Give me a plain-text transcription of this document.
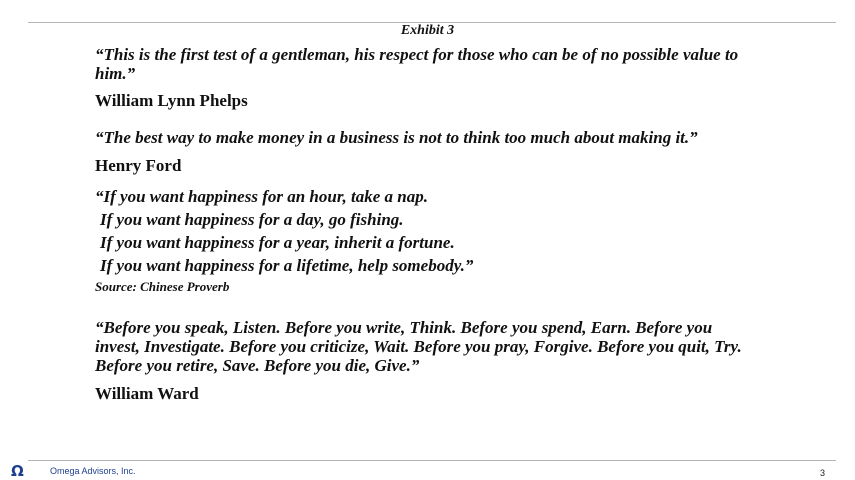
Exhibit 3

“This is the first test of a gentleman, his respect for those who can be of no possible value to him.”

William Lynn Phelps

“The best way to make money in a business is not to think too much about making it.”

Henry Ford

“If you want happiness for an hour, take a nap.
If you want happiness for a day, go fishing.
If you want happiness for a year, inherit a fortune.
If you want happiness for a lifetime, help somebody.”

Source: Chinese Proverb

“Before you speak, Listen. Before you write, Think. Before you spend, Earn. Before you invest, Investigate. Before you criticize, Wait. Before you pray, Forgive. Before you quit, Try. Before you retire, Save. Before you die, Give.”

William Ward

Ω	Omega Advisors, Inc.	3
